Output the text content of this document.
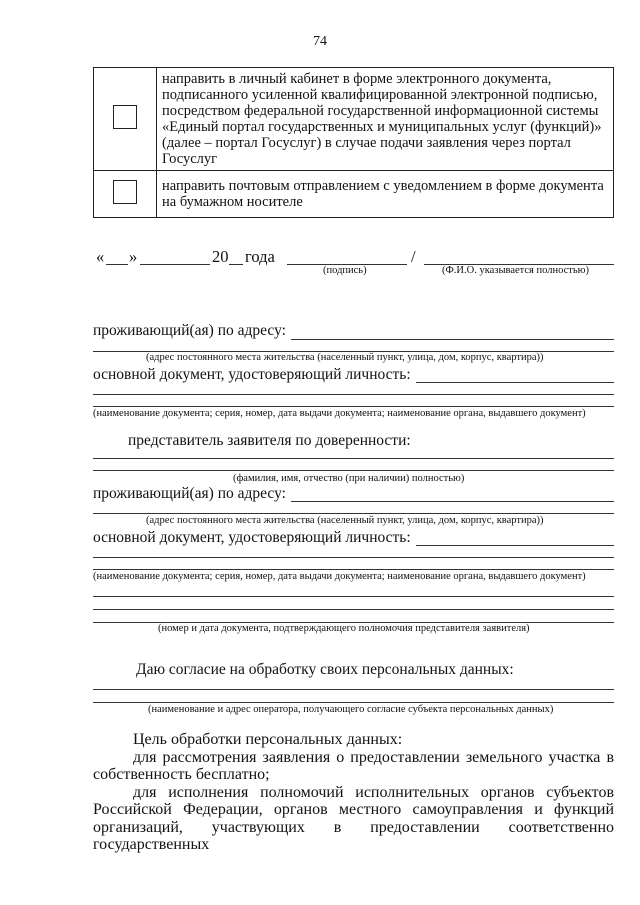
74
	направить в личный кабинет в форме электронного документа, подписанного усиленной квалифицированной электронной подписью, посредством федеральной государственной информационной системы «Единый портал государственных и муниципальных услуг (функций)» (далее – портал Госуслуг) в случае подачи заявления через портал Госуслуг
	направить почтовым отправлением с уведомлением в форме документа на бумажном носителе
« »	20 года	/
(подпись)	(Ф.И.О. указывается полностью)
проживающий(ая) по адресу:
(адрес постоянного места жительства (населенный пункт, улица, дом, корпус, квартира))
основной документ, удостоверяющий личность:
(наименование документа; серия, номер, дата выдачи документа; наименование органа, выдавшего документ)
представитель заявителя по доверенности:
(фамилия, имя, отчество (при наличии) полностью)
проживающий(ая) по адресу:
(адрес постоянного места жительства (населенный пункт, улица, дом, корпус, квартира))
основной документ, удостоверяющий личность:
(наименование документа; серия, номер, дата выдачи документа; наименование органа, выдавшего документ)
(номер и дата документа, подтверждающего полномочия представителя заявителя)
Даю согласие на обработку своих персональных данных:
(наименование и адрес оператора, получающего согласие субъекта персональных данных)

Цель обработки персональных данных:

для рассмотрения заявления о предоставлении земельного участка в собственность бесплатно;

для исполнения полномочий исполнительных органов субъектов Российской Федерации, органов местного самоуправления и функций организаций, участвующих в предоставлении соответственно государственных
